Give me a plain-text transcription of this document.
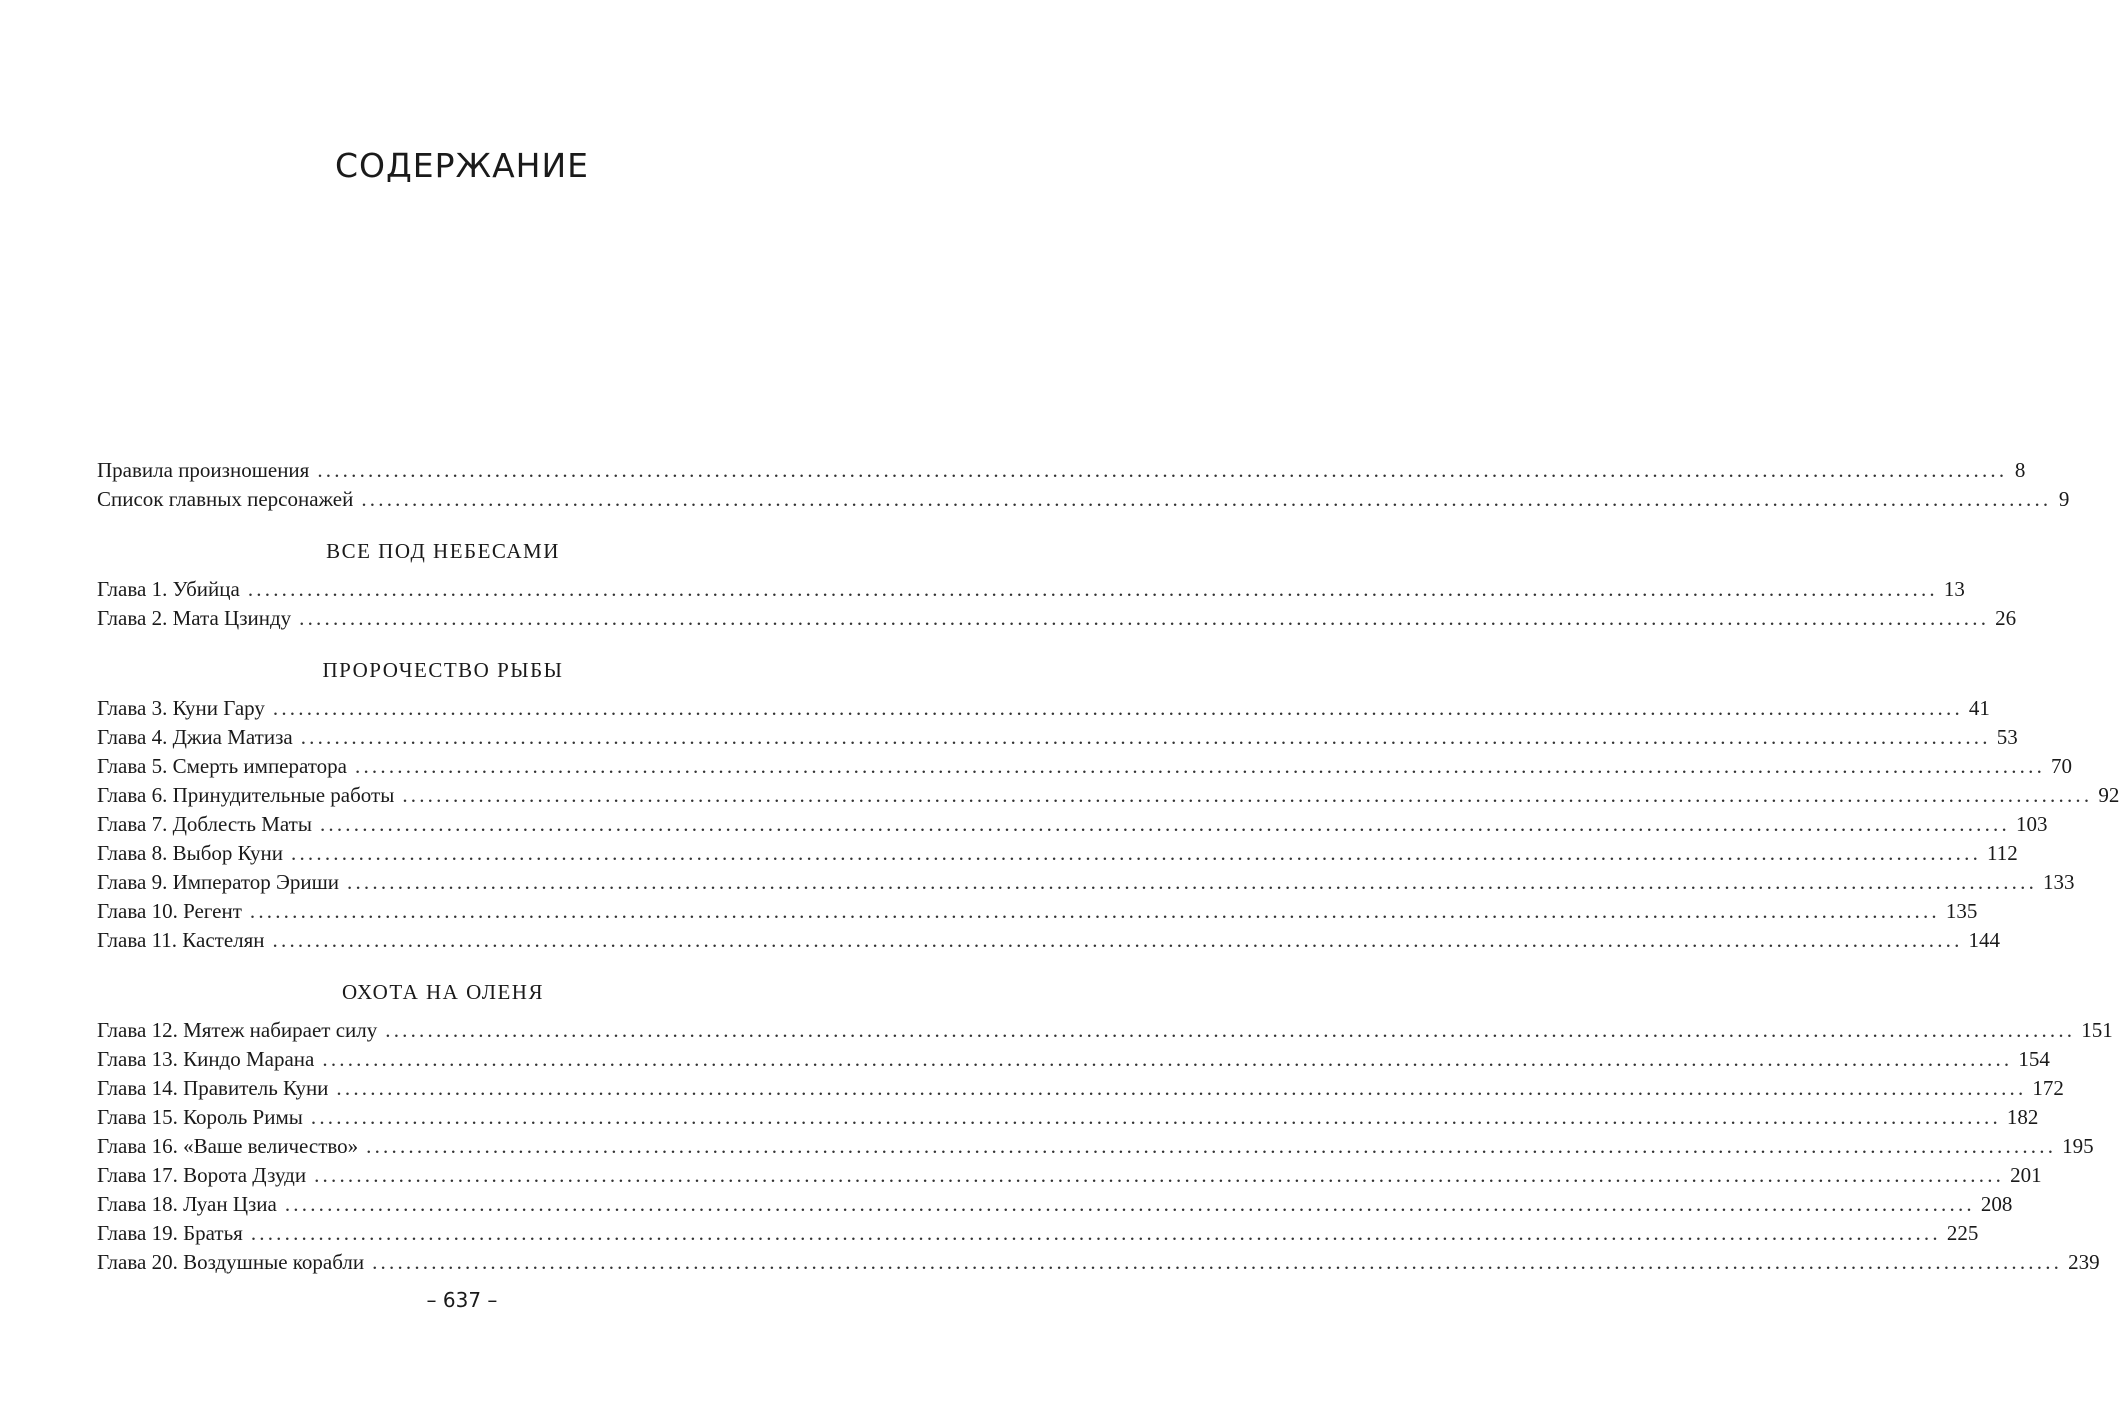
СОДЕРЖАНИЕ
Правила произношения ........................................................................................................................................................................................................ 8
Список главных персонажей ........................................................................................................................................................................................................ 9
ВСЕ ПОД НЕБЕСАМИ
Глава 1. Убийца ........................................................................................................................................................................................................ 13
Глава 2. Мата Цзинду ........................................................................................................................................................................................................ 26
ПРОРОЧЕСТВО РЫБЫ
Глава 3. Куни Гару ........................................................................................................................................................................................................ 41
Глава 4. Джиа Матиза ........................................................................................................................................................................................................ 53
Глава 5. Смерть императора ........................................................................................................................................................................................................ 70
Глава 6. Принудительные работы ........................................................................................................................................................................................................ 92
Глава 7. Доблесть Маты ........................................................................................................................................................................................................ 103
Глава 8. Выбор Куни ........................................................................................................................................................................................................ 112
Глава 9. Император Эриши ........................................................................................................................................................................................................ 133
Глава 10. Регент ........................................................................................................................................................................................................ 135
Глава 11. Кастелян ........................................................................................................................................................................................................ 144
ОХОТА НА ОЛЕНЯ
Глава 12. Мятеж набирает силу ........................................................................................................................................................................................................ 151
Глава 13. Киндо Марана ........................................................................................................................................................................................................ 154
Глава 14. Правитель Куни ........................................................................................................................................................................................................ 172
Глава 15. Король Римы ........................................................................................................................................................................................................ 182
Глава 16. «Ваше величество» ........................................................................................................................................................................................................ 195
Глава 17. Ворота Дзуди ........................................................................................................................................................................................................ 201
Глава 18. Луан Цзиа ........................................................................................................................................................................................................ 208
Глава 19. Братья ........................................................................................................................................................................................................ 225
Глава 20. Воздушные корабли ........................................................................................................................................................................................................ 239
– 637 –
